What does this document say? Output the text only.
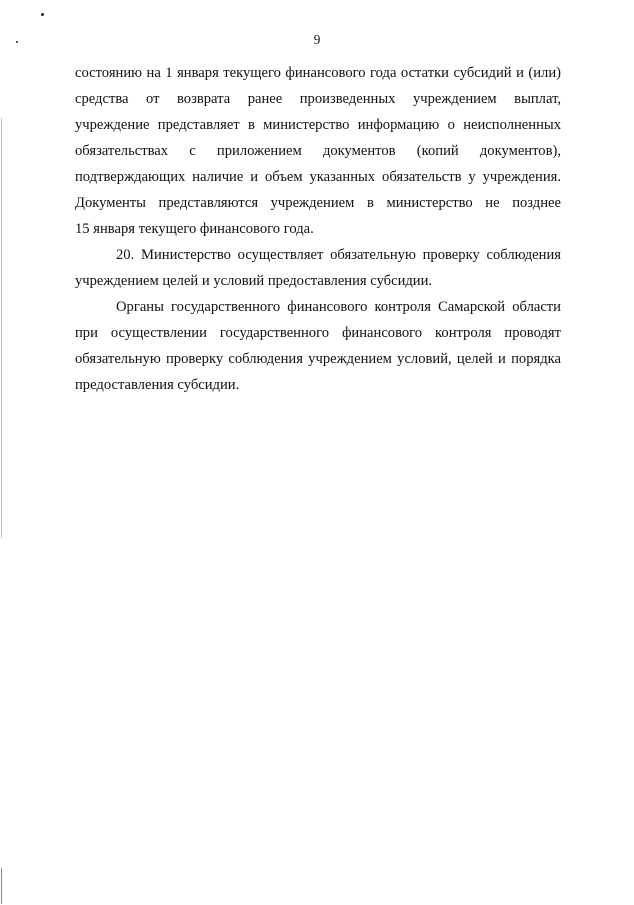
9

состоянию на 1 января текущего финансового года остатки субсидий и (или)
средства от возврата ранее произведенных учреждением выплат,
учреждение представляет в министерство информацию о неисполненных
обязательствах с приложением документов (копий документов),
подтверждающих наличие и объем указанных обязательств у учреждения.
Документы представляются учреждением в министерство не позднее
15 января текущего финансового года.

20. Министерство осуществляет обязательную проверку соблюдения
учреждением целей и условий предоставления субсидии.

Органы государственного финансового контроля Самарской области
при осуществлении государственного финансового контроля проводят
обязательную проверку соблюдения учреждением условий, целей и порядка
предоставления субсидии.
